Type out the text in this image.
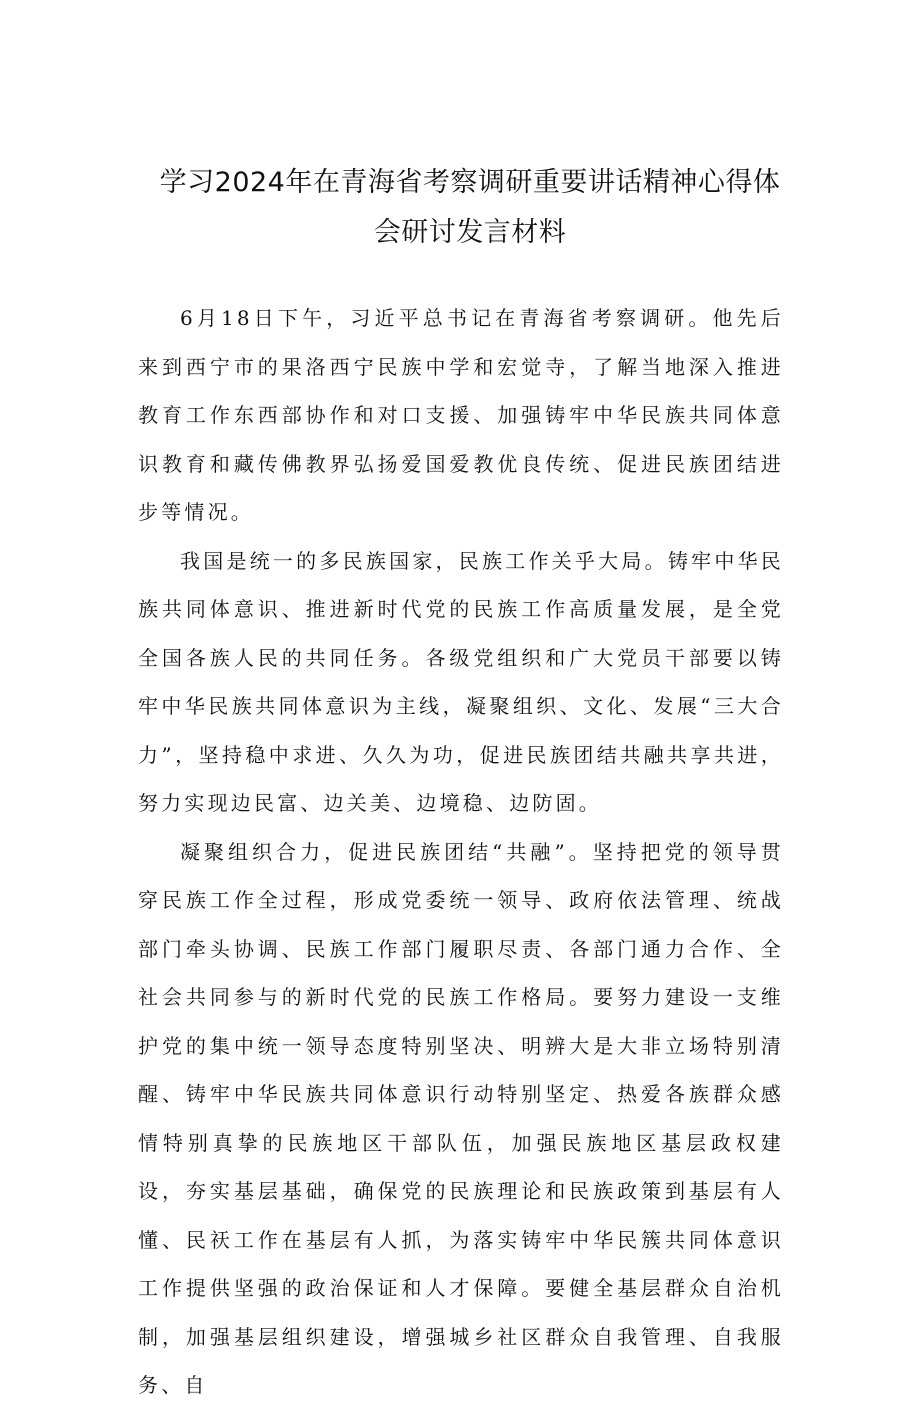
学习2024年在青海省考察调研重要讲话精神心得体会研讨发言材料

6月18日下午，习近平总书记在青海省考察调研。他先后来到西宁市的果洛西宁民族中学和宏觉寺，了解当地深入推进教育工作东西部协作和对口支援、加强铸牢中华民族共同体意识教育和藏传佛教界弘扬爱国爱教优良传统、促进民族团结进步等情况。

我国是统一的多民族国家，民族工作关乎大局。铸牢中华民族共同体意识、推进新时代党的民族工作高质量发展，是全党全国各族人民的共同任务。各级党组织和广大党员干部要以铸牢中华民族共同体意识为主线，凝聚组织、文化、发展“三大合力”，坚持稳中求进、久久为功，促进民族团结共融共享共进，努力实现边民富、边关美、边境稳、边防固。

凝聚组织合力，促进民族团结“共融”。坚持把党的领导贯穿民族工作全过程，形成党委统一领导、政府依法管理、统战部门牵头协调、民族工作部门履职尽责、各部门通力合作、全社会共同参与的新时代党的民族工作格局。要努力建设一支维护党的集中统一领导态度特别坚决、明辨大是大非立场特别清醒、铸牢中华民族共同体意识行动特别坚定、热爱各族群众感情特别真挚的民族地区干部队伍，加强民族地区基层政权建设，夯实基层基础，确保党的民族理论和民族政策到基层有人懂、民祆工作在基层有人抓，为落实铸牢中华民簇共同体意识工作提供坚强的政治保证和人才保障。要健全基层群众自治机制，加强基层组织建设，增强城乡社区群众自我管理、自我服务、自
